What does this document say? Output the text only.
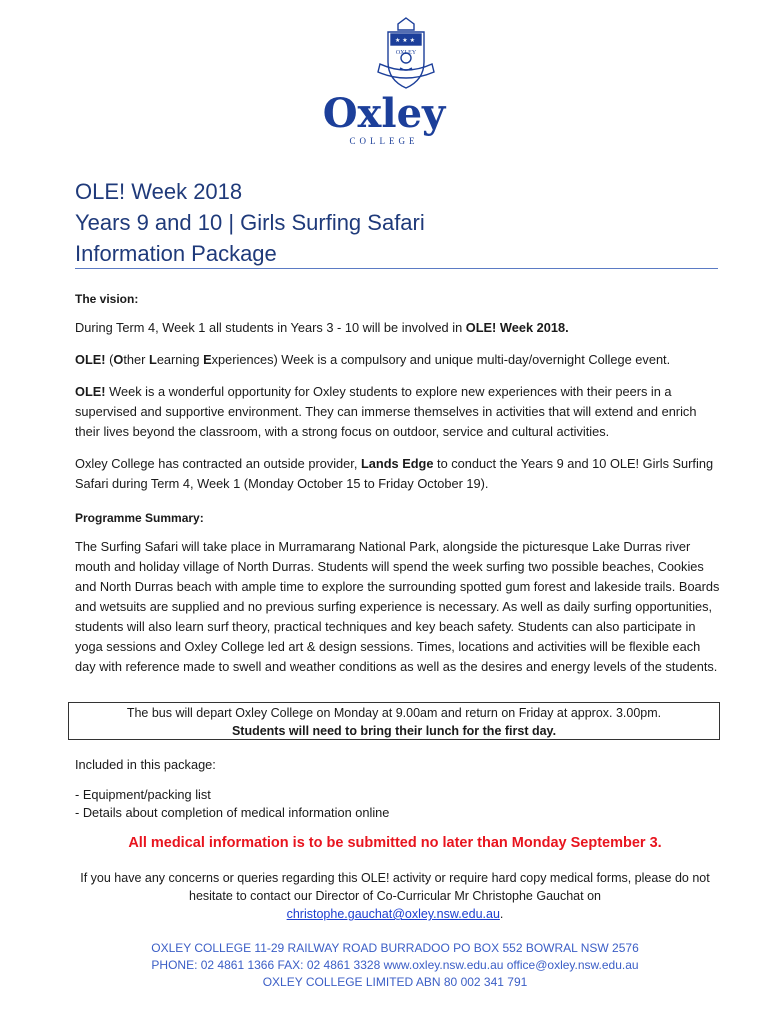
★ ★ ★
OXLEY
Oxley
COLLEGE
OLE! Week 2018
Years 9 and 10 | Girls Surfing Safari
Information Package

The vision:

During Term 4, Week 1 all students in Years 3 - 10 will be involved in OLE! Week 2018.

OLE! (Other Learning Experiences) Week is a compulsory and unique multi-day/overnight College event.

OLE! Week is a wonderful opportunity for Oxley students to explore new experiences with their peers in a supervised and supportive environment. They can immerse themselves in activities that will extend and enrich their lives beyond the classroom, with a strong focus on outdoor, service and cultural activities.

Oxley College has contracted an outside provider, Lands Edge to conduct the Years 9 and 10 OLE! Girls Surfing Safari during Term 4, Week 1 (Monday October 15 to Friday October 19).

Programme Summary:

The Surfing Safari will take place in Murramarang National Park, alongside the picturesque Lake Durras river mouth and holiday village of North Durras. Students will spend the week surfing two possible beaches, Cookies and North Durras beach with ample time to explore the surrounding spotted gum forest and lakeside trails. Boards and wetsuits are supplied and no previous surfing experience is necessary. As well as daily surfing opportunities, students will also learn surf theory, practical techniques and key beach safety. Students can also participate in yoga sessions and Oxley College led art & design sessions. Times, locations and activities will be flexible each day with reference made to swell and weather conditions as well as the desires and energy levels of the students.

The bus will depart Oxley College on Monday at 9.00am and return on Friday at approx. 3.00pm.
Students will need to bring their lunch for the first day.

Included in this package:

- Equipment/packing list

- Details about completion of medical information online

All medical information is to be submitted no later than Monday September 3.
If you have any concerns or queries regarding this OLE! activity or require hard copy medical forms, please do not hesitate to contact our Director of Co-Curricular Mr Christophe Gauchat on
christophe.gauchat@oxley.nsw.edu.au.
OXLEY COLLEGE 11-29 RAILWAY ROAD BURRADOO PO BOX 552 BOWRAL NSW 2576
PHONE: 02 4861 1366 FAX: 02 4861 3328 www.oxley.nsw.edu.au office@oxley.nsw.edu.au
OXLEY COLLEGE LIMITED ABN 80 002 341 791
